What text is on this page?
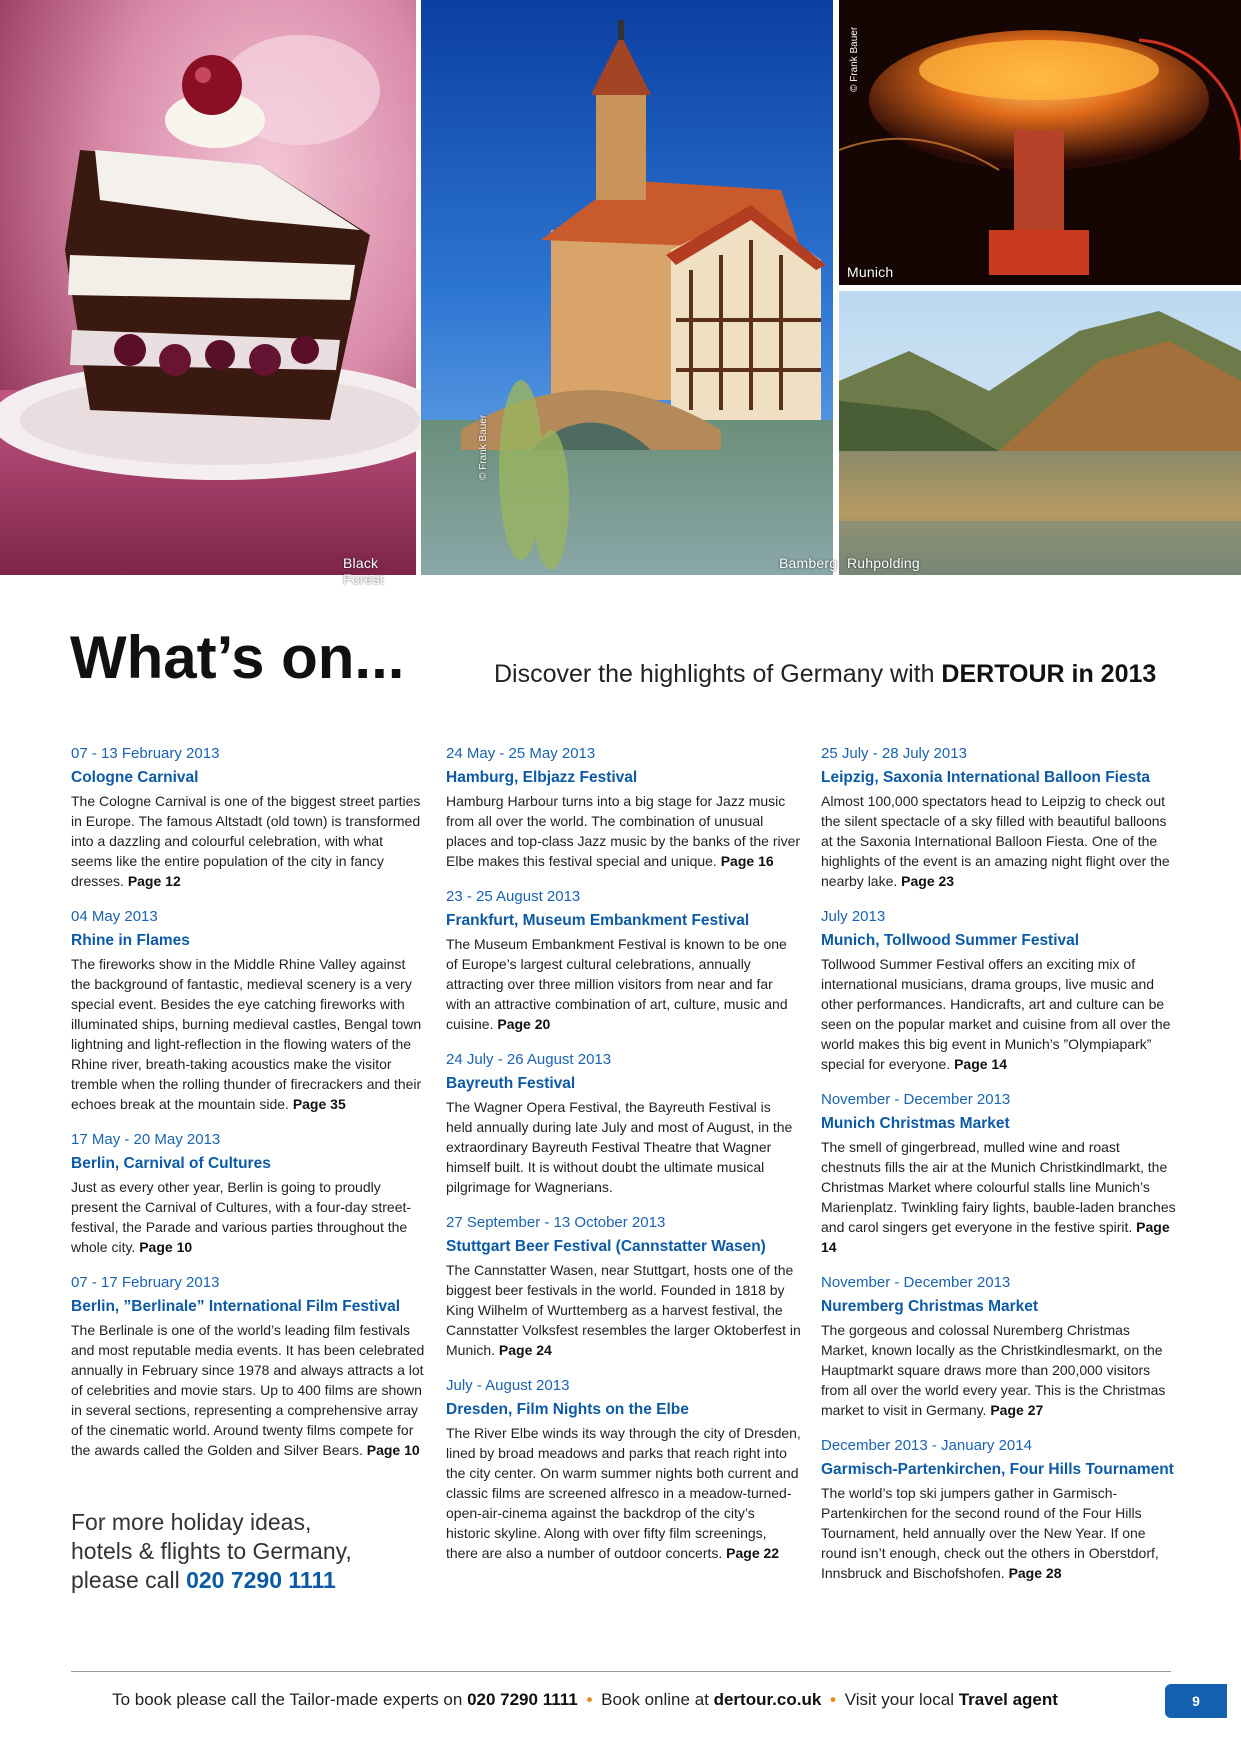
Black Forest
© Frank Bauer
Bamberg
© Frank Bauer
Munich
Ruhpolding
What’s on...	Discover the highlights of Germany with DERTOUR in 2013
07 - 13 February 2013
Cologne Carnival
The Cologne Carnival is one of the biggest street parties in Europe. The famous Altstadt (old town) is transformed into a dazzling and colourful celebration, with what seems like the entire population of the city in fancy dresses. Page 12
04 May 2013
Rhine in Flames
The fireworks show in the Middle Rhine Valley against the background of fantastic, medieval scenery is a very special event. Besides the eye catching fireworks with illuminated ships, burning medieval castles, Bengal town lightning and light-reflection in the flowing waters of the Rhine river, breath-taking acoustics make the visitor tremble when the rolling thunder of firecrackers and their echoes break at the mountain side. Page 35
17 May - 20 May 2013
Berlin, Carnival of Cultures
Just as every other year, Berlin is going to proudly present the Carnival of Cultures, with a four-day street-festival, the Parade and various parties throughout the whole city. Page 10
07 - 17 February 2013
Berlin, ”Berlinale” International Film Festival
The Berlinale is one of the world’s leading film festivals and most reputable media events. It has been celebrated annually in February since 1978 and always attracts a lot of celebrities and movie stars. Up to 400 films are shown in several sections, representing a comprehensive array of the cinematic world. Around twenty films compete for the awards called the Golden and Silver Bears. Page 10
24 May - 25 May 2013
Hamburg, Elbjazz Festival
Hamburg Harbour turns into a big stage for Jazz music from all over the world. The combination of unusual places and top-class Jazz music by the banks of the river Elbe makes this festival special and unique. Page 16
23 - 25 August 2013
Frankfurt, Museum Embankment Festival
The Museum Embankment Festival is known to be one of Europe’s largest cultural celebrations, annually attracting over three million visitors from near and far with an attractive combination of art, culture, music and cuisine. Page 20
24 July - 26 August 2013
Bayreuth Festival
The Wagner Opera Festival, the Bayreuth Festival is held annually during late July and most of August, in the extraordinary Bayreuth Festival Theatre that Wagner himself built. It is without doubt the ultimate musical pilgrimage for Wagnerians.
27 September - 13 October 2013
Stuttgart Beer Festival (Cannstatter Wasen)
The Cannstatter Wasen, near Stuttgart, hosts one of the biggest beer festivals in the world. Founded in 1818 by King Wilhelm of Wurttemberg as a harvest festival, the Cannstatter Volksfest resembles the larger Oktoberfest in Munich. Page 24
July - August 2013
Dresden, Film Nights on the Elbe
The River Elbe winds its way through the city of Dresden, lined by broad meadows and parks that reach right into the city center. On warm summer nights both current and classic films are screened alfresco in a meadow-turned-open-air-cinema against the backdrop of the city’s historic skyline. Along with over fifty film screenings, there are also a number of outdoor concerts. Page 22
25 July - 28 July 2013
Leipzig, Saxonia International Balloon Fiesta
Almost 100,000 spectators head to Leipzig to check out the silent spectacle of a sky filled with beautiful balloons at the Saxonia International Balloon Fiesta. One of the highlights of the event is an amazing night flight over the nearby lake. Page 23
July 2013
Munich, Tollwood Summer Festival
Tollwood Summer Festival offers an exciting mix of international musicians, drama groups, live music and other performances. Handicrafts, art and culture can be seen on the popular market and cuisine from all over the world makes this big event in Munich’s ”Olympiapark” special for everyone. Page 14
November - December 2013
Munich Christmas Market
The smell of gingerbread, mulled wine and roast chestnuts fills the air at the Munich Christkindlmarkt, the Christmas Market where colourful stalls line Munich’s Marienplatz. Twinkling fairy lights, bauble-laden branches and carol singers get everyone in the festive spirit. Page 14
November - December 2013
Nuremberg Christmas Market
The gorgeous and colossal Nuremberg Christmas Market, known locally as the Christkindlesmarkt, on the Hauptmarkt square draws more than 200,000 visitors from all over the world every year. This is the Christmas market to visit in Germany. Page 27
December 2013 - January 2014
Garmisch-Partenkirchen, Four Hills Tournament
The world’s top ski jumpers gather in Garmisch-Partenkirchen for the second round of the Four Hills Tournament, held annually over the New Year. If one round isn’t enough, check out the others in Oberstdorf, Innsbruck and Bischofshofen. Page 28
For more holiday ideas,
hotels & flights to Germany,
please call 020 7290 1111
To book please call the Tailor-made experts on 020 7290 1111 • Book online at dertour.co.uk • Visit your local Travel agent	9
